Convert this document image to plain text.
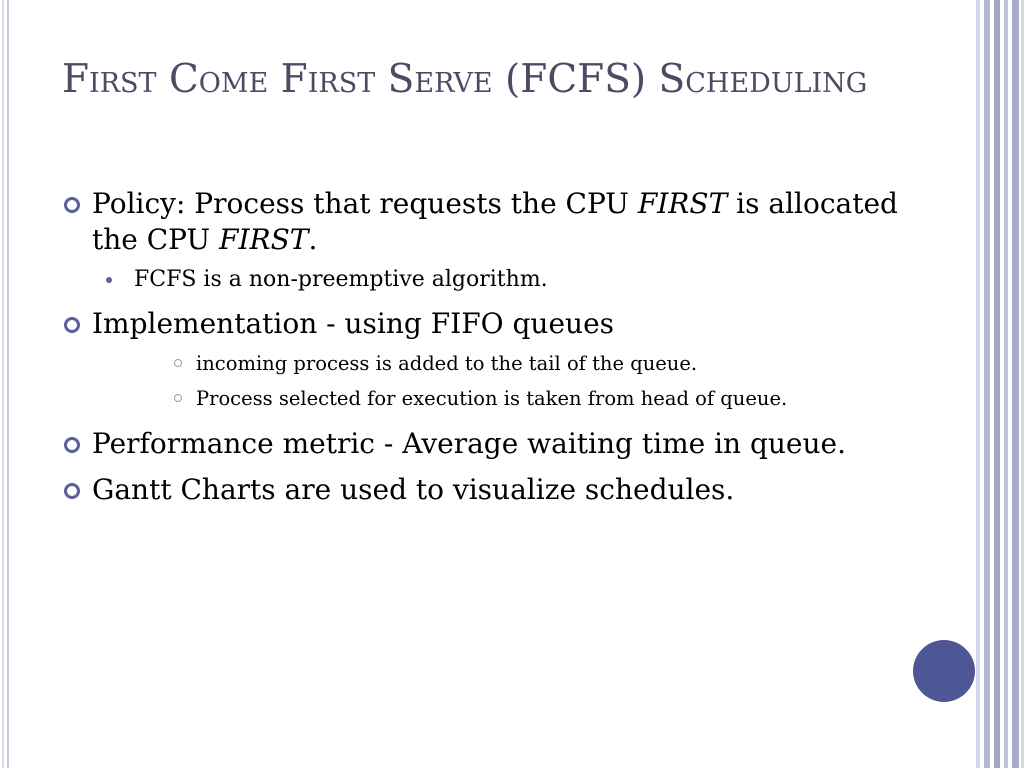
First Come First Serve (FCFS) Scheduling
Policy: Process that requests the CPU FIRST is allocated the CPU FIRST.
FCFS is a non-preemptive algorithm.
Implementation - using FIFO queues
incoming process is added to the tail of the queue.
Process selected for execution is taken from head of queue.
Performance metric - Average waiting time in queue.
Gantt Charts are used to visualize schedules.
